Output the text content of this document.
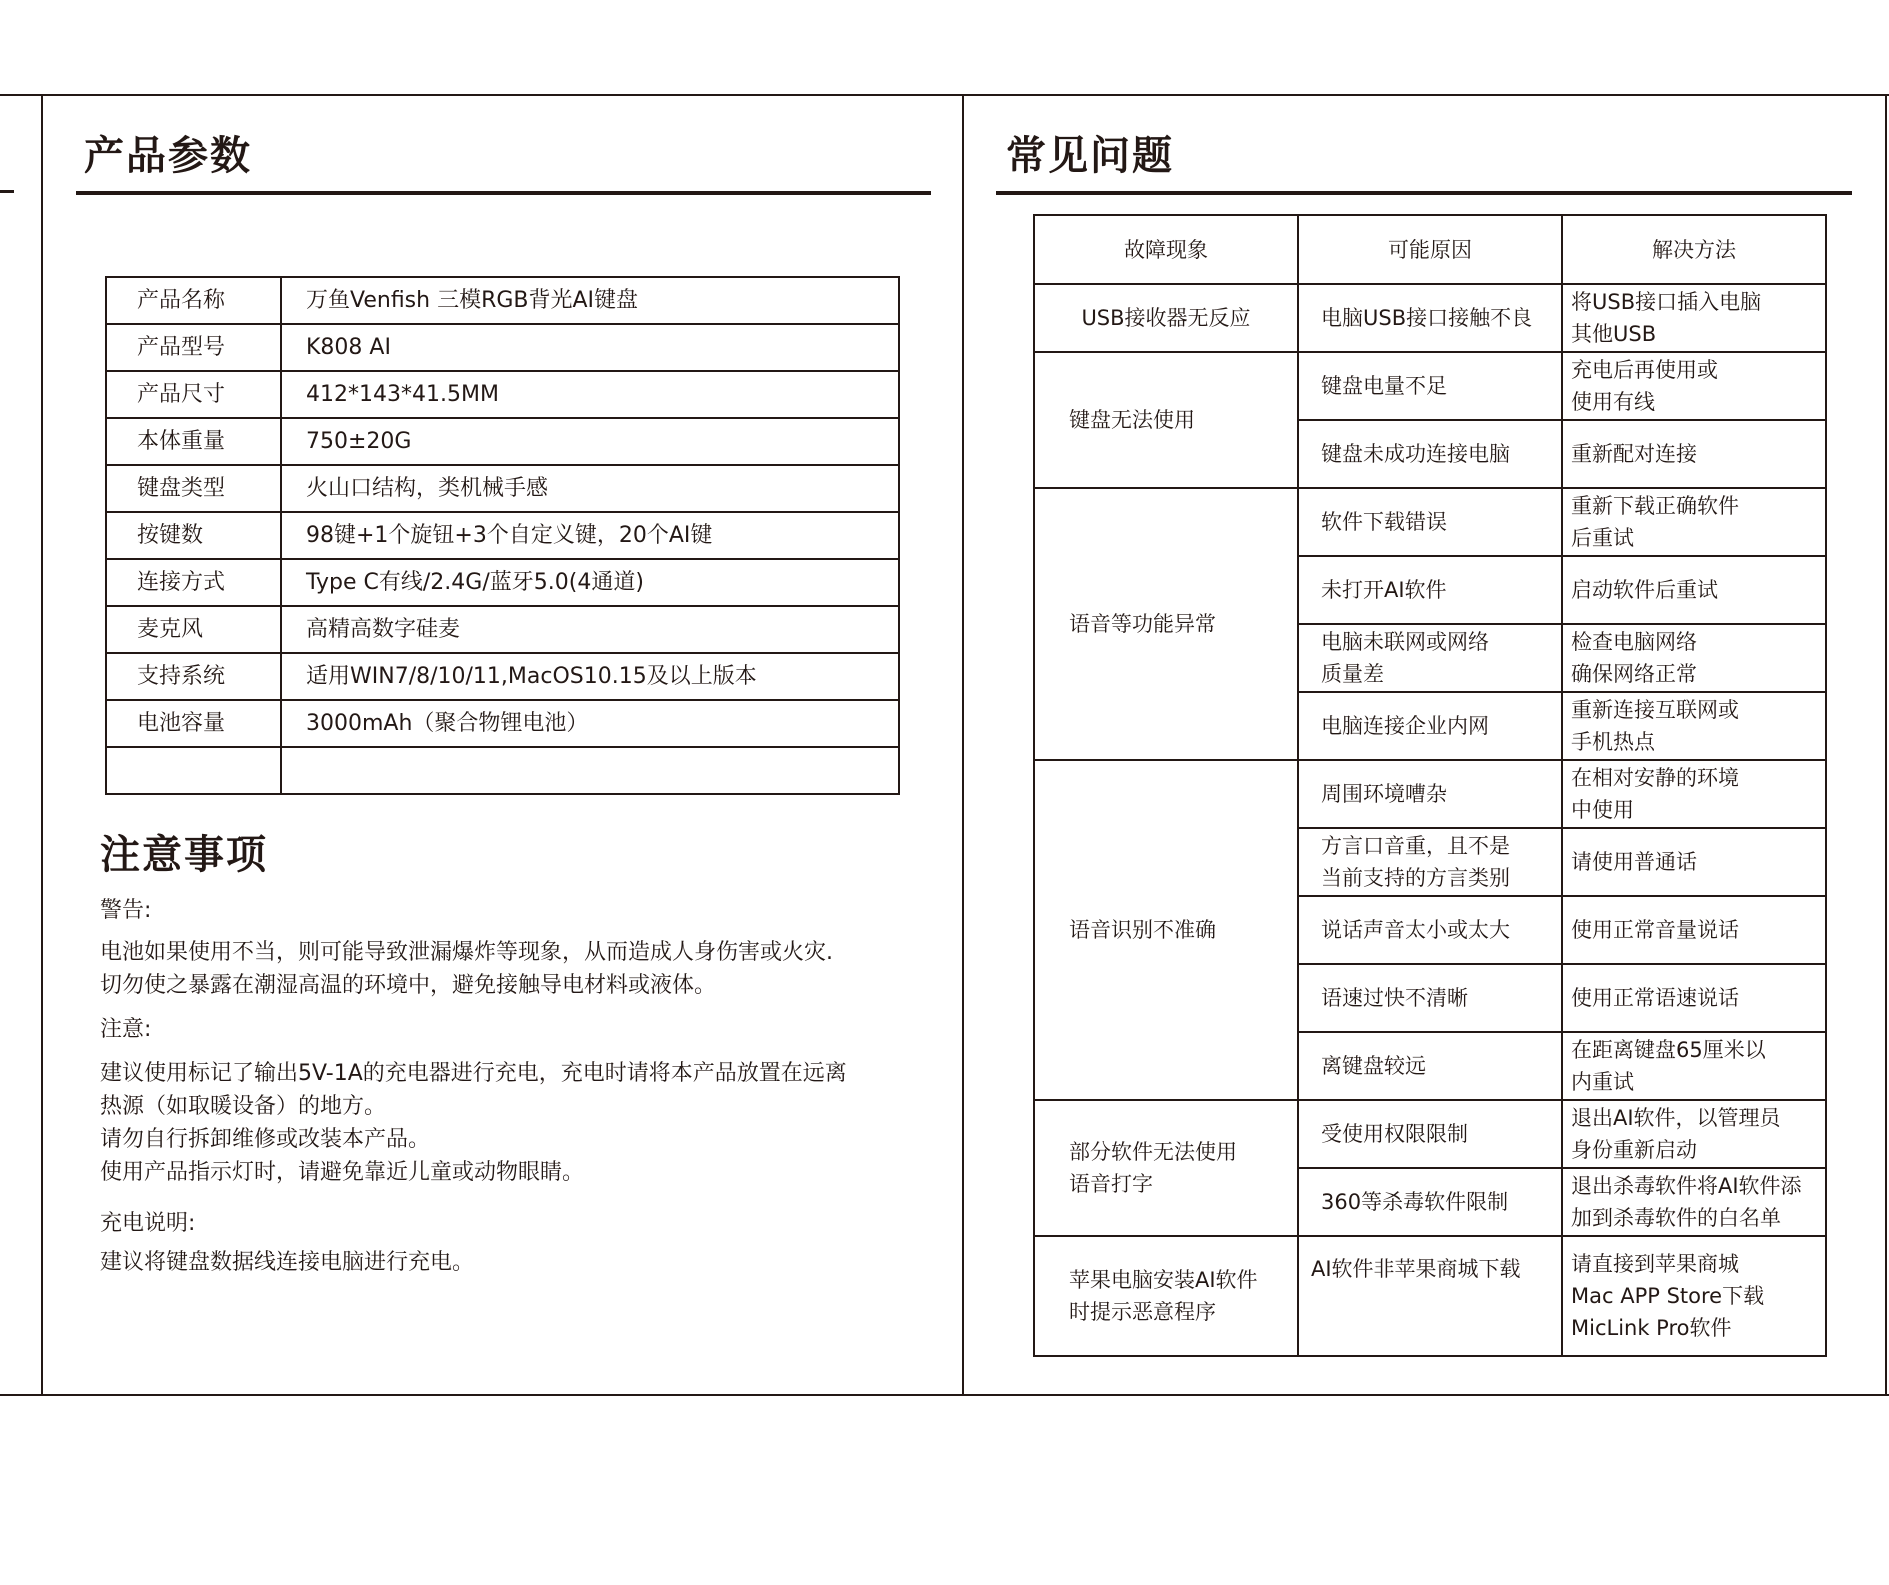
产品参数
产品名称	万鱼Venfish 三模RGB背光AI键盘
产品型号	K808 AI
产品尺寸	412*143*41.5MM
本体重量	750±20G
键盘类型	火山口结构，类机械手感
按键数	98键+1个旋钮+3个自定义键，20个AI键
连接方式	Type C有线/2.4G/蓝牙5.0(4通道)
麦克风	高精高数字硅麦
支持系统	适用WIN7/8/10/11,MacOS10.15及以上版本
电池容量	3000mAh（聚合物锂电池）

注意事项
警告:
电池如果使用不当，则可能导致泄漏爆炸等现象，从而造成人身伤害或火灾.
切勿使之暴露在潮湿高温的环境中，避免接触导电材料或液体。
注意:
建议使用标记了输出5V-1A的充电器进行充电，充电时请将本产品放置在远离
热源（如取暖设备）的地方。
请勿自行拆卸维修或改装本产品。
使用产品指示灯时，请避免靠近儿童或动物眼睛。
充电说明:
建议将键盘数据线连接电脑进行充电。
常见问题
故障现象	可能原因	解决方法
USB接收器无反应	电脑USB接口接触不良	将USB接口插入电脑
其他USB
键盘无法使用	键盘电量不足	充电后再使用或
使用有线
	键盘未成功连接电脑	重新配对连接
语音等功能异常	软件下载错误	重新下载正确软件
后重试
	未打开AI软件	启动软件后重试
	电脑未联网或网络
质量差	检查电脑网络
确保网络正常
	电脑连接企业内网	重新连接互联网或
手机热点
语音识别不准确	周围环境嘈杂	在相对安静的环境
中使用
	方言口音重，且不是
当前支持的方言类别	请使用普通话
	说话声音太小或太大	使用正常音量说话
	语速过快不清晰	使用正常语速说话
	离键盘较远	在距离键盘65厘米以
内重试
部分软件无法使用
语音打字	受使用权限限制	退出AI软件，以管理员
身份重新启动
	360等杀毒软件限制	退出杀毒软件将AI软件添
加到杀毒软件的白名单
苹果电脑安装AI软件
时提示恶意程序	AI软件非苹果商城下载	请直接到苹果商城
Mac APP Store下载
MicLink Pro软件
